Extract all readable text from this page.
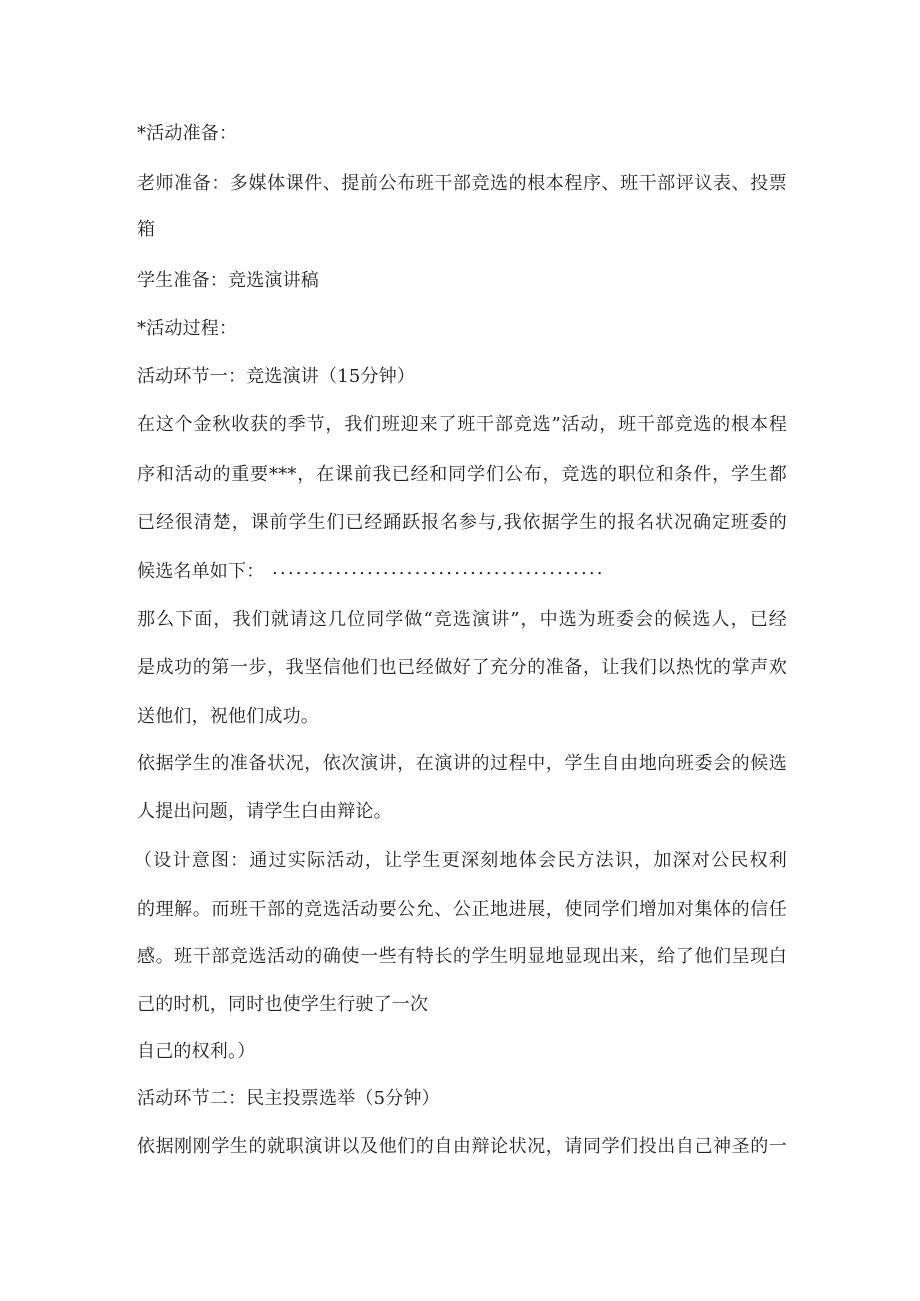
*活动准备：
老师准备：多媒体课件、提前公布班干部竞选的根本程序、班干部评议表、投票
箱
学生准备：竞选演讲稿
*活动过程：
活动环节一：竞选演讲（15分钟）
在这个金秋收获的季节，我们班迎来了班干部竞选”活动，班干部竞选的根本程
序和活动的重要***，在课前我已经和同学们公布，竞选的职位和条件，学生都
已经很清楚，课前学生们已经踊跃报名参与,我依据学生的报名状况确定班委的
候选名单如下： ..........................................
那么下面，我们就请这几位同学做“竞选演讲”，中选为班委会的候选人，已经
是成功的第一步，我坚信他们也已经做好了充分的准备，让我们以热忱的掌声欢
送他们，祝他们成功。
依据学生的准备状况，依次演讲，在演讲的过程中，学生自由地向班委会的候选
人提出问题，请学生白由辩论。
（设计意图：通过实际活动，让学生更深刻地体会民方法识，加深对公民权利
的理解。而班干部的竞选活动要公允、公正地进展，使同学们增加对集体的信任
感。班干部竞选活动的确使一些有特长的学生明显地显现出来，给了他们呈现白
己的时机，同时也使学生行驶了一次
自己的权利。）
活动环节二：民主投票选举（5分钟）
依据刚刚学生的就职演讲以及他们的自由辩论状况，请同学们投出自己神圣的一
